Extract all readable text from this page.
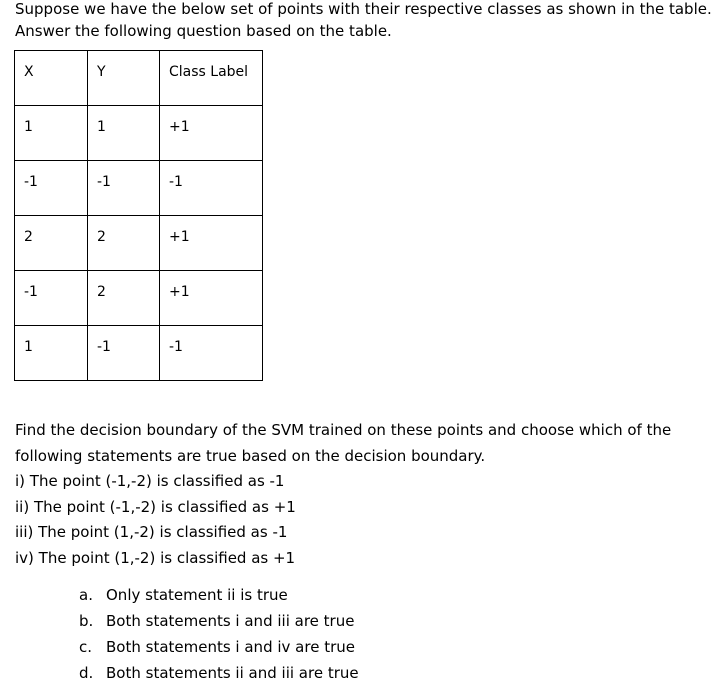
Suppose we have the below set of points with their respective classes as shown in the table.
Answer the following question based on the table.
X	Y	Class Label

1	1	+1

-1	-1	-1

2	2	+1

-1	2	+1

1	-1	-1
Find the decision boundary of the SVM trained on these points and choose which of the
following statements are true based on the decision boundary.
i) The point (-1,-2) is classified as -1
ii) The point (-1,-2) is classified as +1
iii) The point (1,-2) is classified as -1
iv) The point (1,-2) is classified as +1
a. Only statement ii is true
b. Both statements i and iii are true
c. Both statements i and iv are true
d. Both statements ii and iii are true
